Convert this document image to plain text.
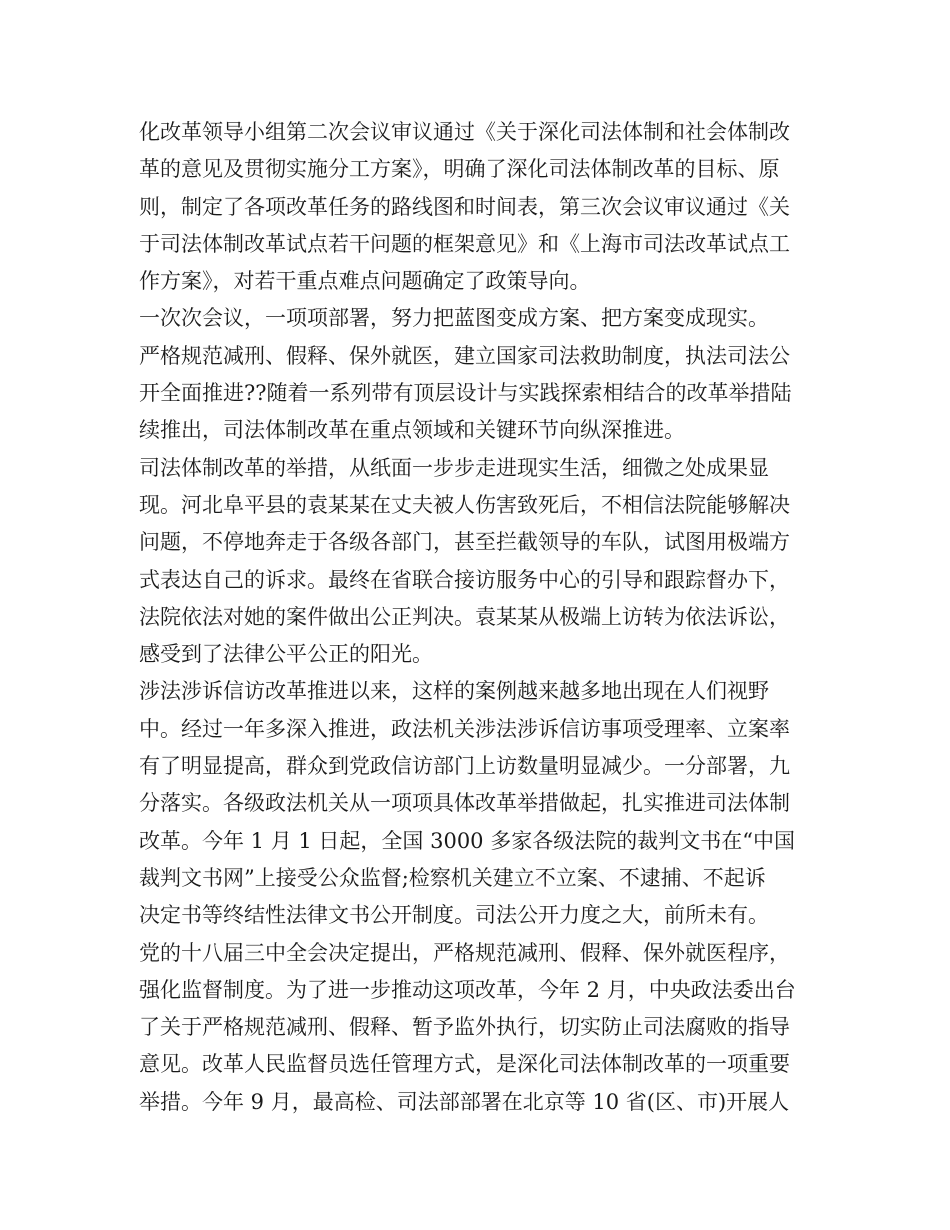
化改革领导小组第二次会议审议通过《关于深化司法体制和社会体制改
革的意见及贯彻实施分工方案》，明确了深化司法体制改革的目标、原
则，制定了各项改革任务的路线图和时间表，第三次会议审议通过《关
于司法体制改革试点若干问题的框架意见》和《上海市司法改革试点工
作方案》，对若干重点难点问题确定了政策导向。
一次次会议，一项项部署，努力把蓝图变成方案、把方案变成现实。
严格规范减刑、假释、保外就医，建立国家司法救助制度，执法司法公
开全面推进??随着一系列带有顶层设计与实践探索相结合的改革举措陆
续推出，司法体制改革在重点领域和关键环节向纵深推进。
司法体制改革的举措，从纸面一步步走进现实生活，细微之处成果显
现。河北阜平县的袁某某在丈夫被人伤害致死后，不相信法院能够解决
问题，不停地奔走于各级各部门，甚至拦截领导的车队，试图用极端方
式表达自己的诉求。最终在省联合接访服务中心的引导和跟踪督办下，
法院依法对她的案件做出公正判决。袁某某从极端上访转为依法诉讼，
感受到了法律公平公正的阳光。
涉法涉诉信访改革推进以来，这样的案例越来越多地出现在人们视野
中。经过一年多深入推进，政法机关涉法涉诉信访事项受理率、立案率
有了明显提高，群众到党政信访部门上访数量明显减少。一分部署，九
分落实。各级政法机关从一项项具体改革举措做起，扎实推进司法体制
改革。今年 1 月 1 日起，全国 3000 多家各级法院的裁判文书在“中国
裁判文书网”上接受公众监督;检察机关建立不立案、不逮捕、不起诉
决定书等终结性法律文书公开制度。司法公开力度之大，前所未有。
党的十八届三中全会决定提出，严格规范减刑、假释、保外就医程序，
强化监督制度。为了进一步推动这项改革，今年 2 月，中央政法委出台
了关于严格规范减刑、假释、暂予监外执行，切实防止司法腐败的指导
意见。改革人民监督员选任管理方式，是深化司法体制改革的一项重要
举措。今年 9 月，最高检、司法部部署在北京等 10 省(区、市)开展人
